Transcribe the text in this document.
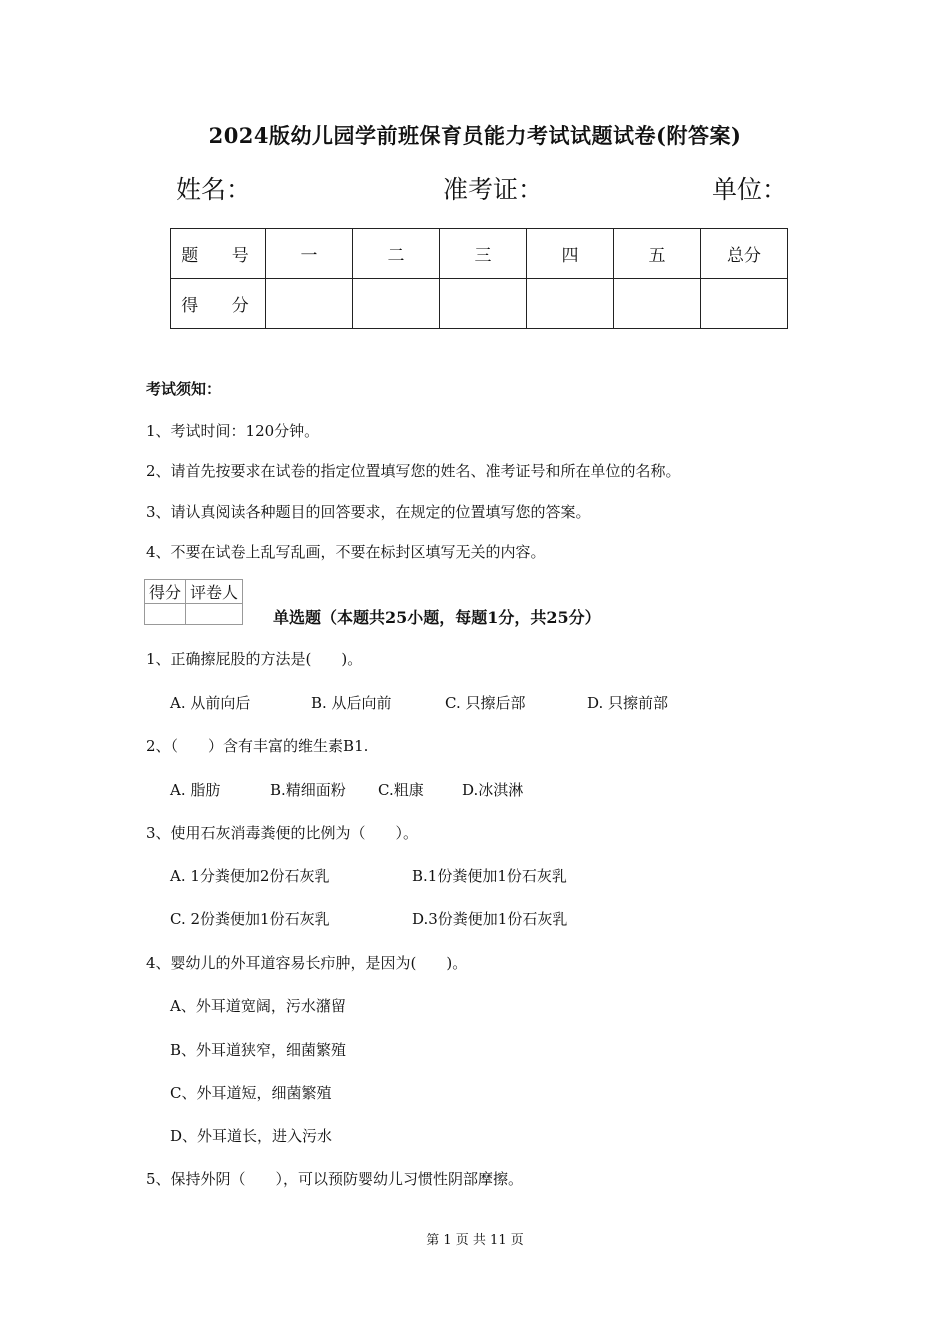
2024版幼儿园学前班保育员能力考试试题试卷(附答案)
姓名：	准考证：	单位：
题 号	一	二	三	四	五	总分
得 分						
考试须知：
1、考试时间：120分钟。
2、请首先按要求在试卷的指定位置填写您的姓名、准考证号和所在单位的名称。
3、请认真阅读各种题目的回答要求，在规定的位置填写您的答案。
4、不要在试卷上乱写乱画，不要在标封区填写无关的内容。
得分	评卷人

单选题（本题共25小题，每题1分，共25分）
1、正确擦屁股的方法是(　　)。
A. 从前向后	B. 从后向前	C. 只擦后部	D. 只擦前部
2、（　　）含有丰富的维生素B1.
A. 脂肪	B.精细面粉 C.粗康	D.冰淇淋
3、使用石灰消毒粪便的比例为（　　）。
A. 1分粪便加2份石灰乳	B.1份粪便加1份石灰乳
C. 2份粪便加1份石灰乳	D.3份粪便加1份石灰乳
4、婴幼儿的外耳道容易长疖肿，是因为(　　)。
A、外耳道宽阔，污水潴留
B、外耳道狭窄，细菌繁殖
C、外耳道短，细菌繁殖
D、外耳道长，进入污水
5、保持外阴（　　），可以预防婴幼儿习惯性阴部摩擦。
第 1 页 共 11 页
